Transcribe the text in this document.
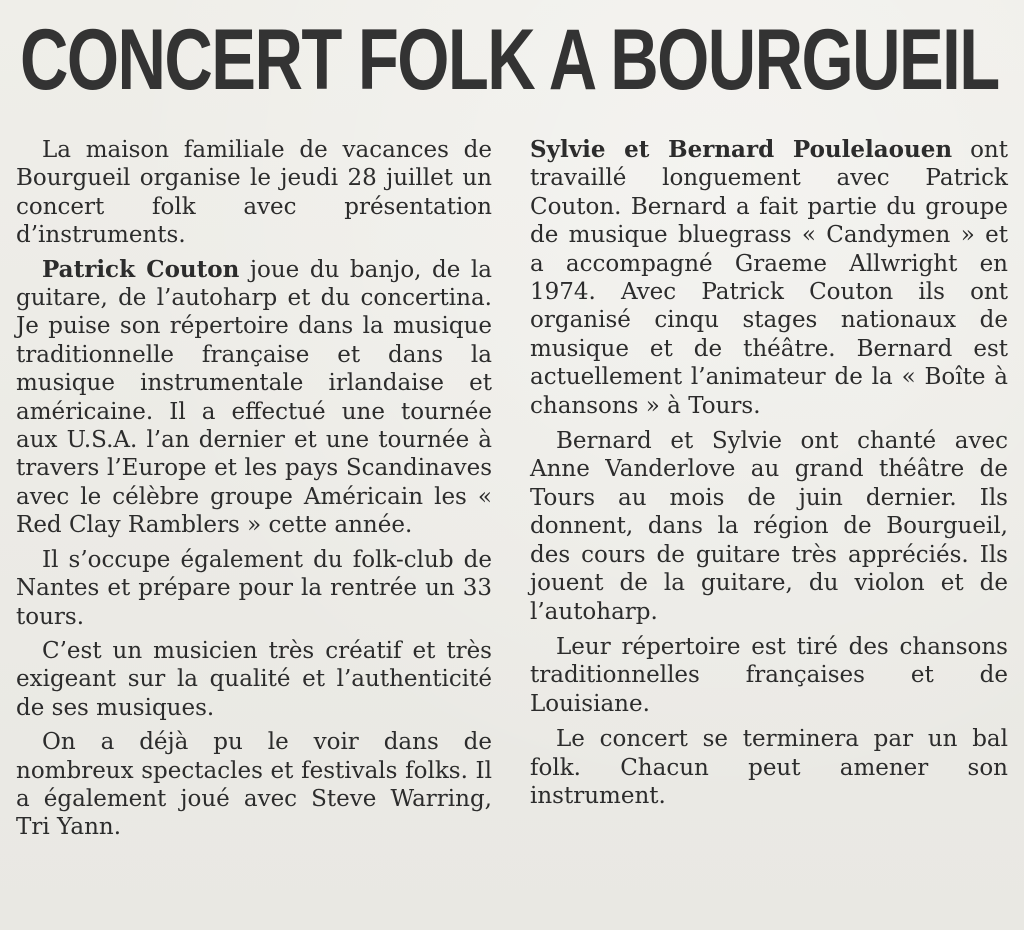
CONCERT FOLK A BOURGUEIL

La maison familiale de vacances de Bourgueil organise le jeudi 28 juillet un concert folk avec présentation d’instruments.

Patrick Couton joue du banjo, de la guitare, de l’autoharp et du concertina. Je puise son répertoire dans la musique traditionnelle française et dans la musique instrumentale irlandaise et américaine. Il a effectué une tournée aux U.S.A. l’an dernier et une tournée à travers l’Europe et les pays Scandinaves avec le célèbre groupe Américain les « Red Clay Ramblers » cette année.

Il s’occupe également du folk-club de Nantes et prépare pour la rentrée un 33 tours.

C’est un musicien très créatif et très exigeant sur la qualité et l’authenticité de ses musiques.

On a déjà pu le voir dans de nombreux spectacles et festivals folks. Il a également joué avec Steve Warring, Tri Yann.

Sylvie et Bernard Poulelaouen ont travaillé longuement avec Patrick Couton. Bernard a fait partie du groupe de musique bluegrass « Candymen » et a accompagné Graeme Allwright en 1974. Avec Patrick Couton ils ont organisé cinqu stages nationaux de musique et de théâtre. Bernard est actuellement l’animateur de la « Boîte à chansons » à Tours.

Bernard et Sylvie ont chanté avec Anne Vanderlove au grand théâtre de Tours au mois de juin dernier. Ils donnent, dans la région de Bourgueil, des cours de guitare très appréciés. Ils jouent de la guitare, du violon et de l’autoharp.

Leur répertoire est tiré des chansons traditionnelles françaises et de Louisiane.

Le concert se terminera par un bal folk. Chacun peut amener son instrument.
